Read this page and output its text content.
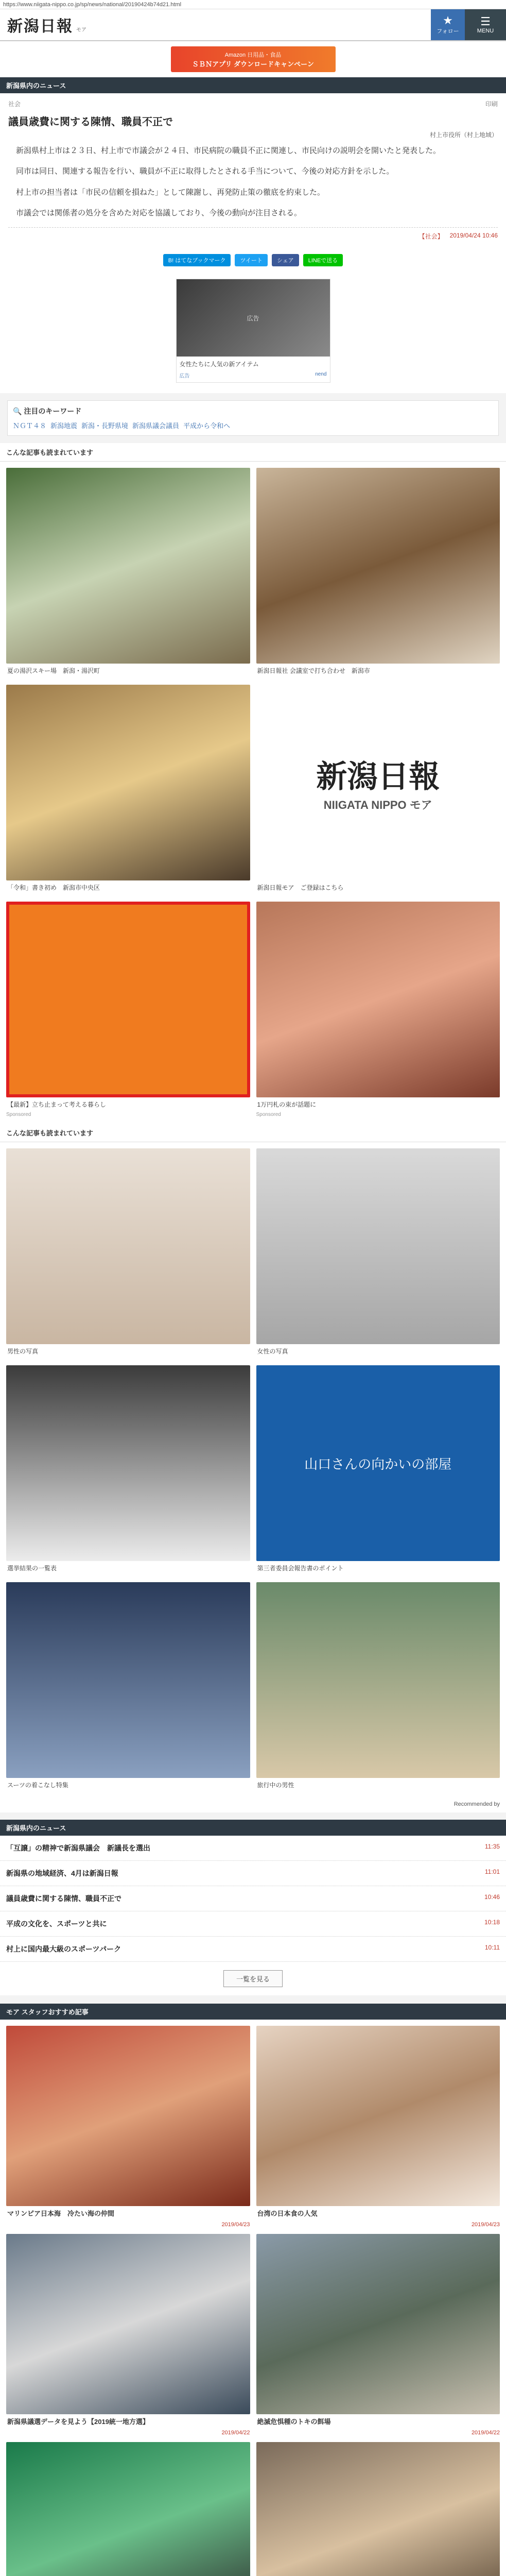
https://www.niigata-nippo.co.jp/sp/news/national/20190424b74d21.html
新潟日報 モア
★
フォロー
☰
MENU
Amazon 日用品・食品
ＳＢＮアプリ ダウンロードキャンペーン
新潟県内のニュース
社会	印刷
議員歳費に関する陳情、職員不正で
村上市役所（村上地域）

新潟県村上市は２３日、村上市で市議会が２４日、市民病院の職員不正に関連し、市民向けの説明会を開いたと発表した。

同市は同日、関連する報告を行い、職員が不正に取得したとされる手当について、今後の対応方針を示した。

村上市の担当者は「市民の信頼を損ねた」として陳謝し、再発防止策の徹底を約束した。

市議会では関係者の処分を含めた対応を協議しており、今後の動向が注目される。

【社会】 2019/04/24 10:46
B! はてなブックマーク	ツイート	シェア	LINEで送る
広告
女性たちに人気の新アイテム
広告	nend
🔍 注目のキーワード
ＮＧＴ４８ 新潟地震 新潟・長野県境 新潟県議会議員 平成から令和へ
こんな記事も読まれています
夏の湯沢スキー場　新潟・湯沢町	新潟日報社 会議室で打ち合わせ　新潟市
「令和」書き初め　新潟市中央区
新潟日報
NIIGATA NIPPO モア
新潟日報モア　ご登録はこちら
【最新】立ち止まって考える暮らし
Sponsored
1万円札の束が話題に
Sponsored
こんな記事も読まれています
男性の写真	女性の写真
選挙結果の一覧表
山口さんの向かいの部屋
第三者委員会報告書のポイント
スーツの着こなし特集	旅行中の男性
Recommended by
新潟県内のニュース
「互譲」の精神で新潟県議会　新議長を選出	11:35
新潟県の地域経済、4月は新潟日報	11:01
議員歳費に関する陳情、職員不正で	10:46
平成の文化を、スポーツと共に	10:18
村上に国内最大級のスポーツパーク	10:11
一覧を見る
モア スタッフおすすめ記事
マリンピア日本海　冷たい海の仲間
2019/04/23
台湾の日本食の人気
2019/04/23
新潟県議選データを見よう【2019統一地方選】
2019/04/22
絶滅危惧種のトキの餌場
2019/04/22
